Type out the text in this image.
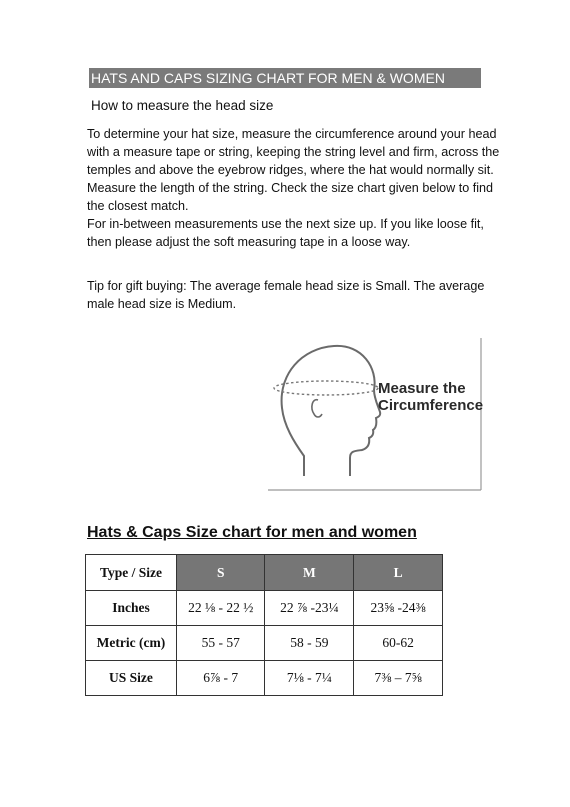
HATS AND CAPS SIZING CHART FOR MEN & WOMEN
How to measure the head size

To determine your hat size, measure the circumference around your head with a measure tape or string, keeping the string level and firm, across the temples and above the eyebrow ridges, where the hat would normally sit. Measure the length of the string. Check the size chart given below to find the closest match.

For in-between measurements use the next size up. If you like loose fit, then please adjust the soft measuring tape in a loose way.

Tip for gift buying: The average female head size is Small. The average male head size is Medium.

Measure the
Circumference
Hats & Caps Size chart for men and women
Type / Size	S	M	L
Inches	22 ⅛ - 22 ½	22 ⅞ -23¼	23⅝ -24⅜
Metric (cm)	55 - 57	58 - 59	60-62
US Size	6⅞ - 7	7⅛ - 7¼	7⅜ – 7⅝
